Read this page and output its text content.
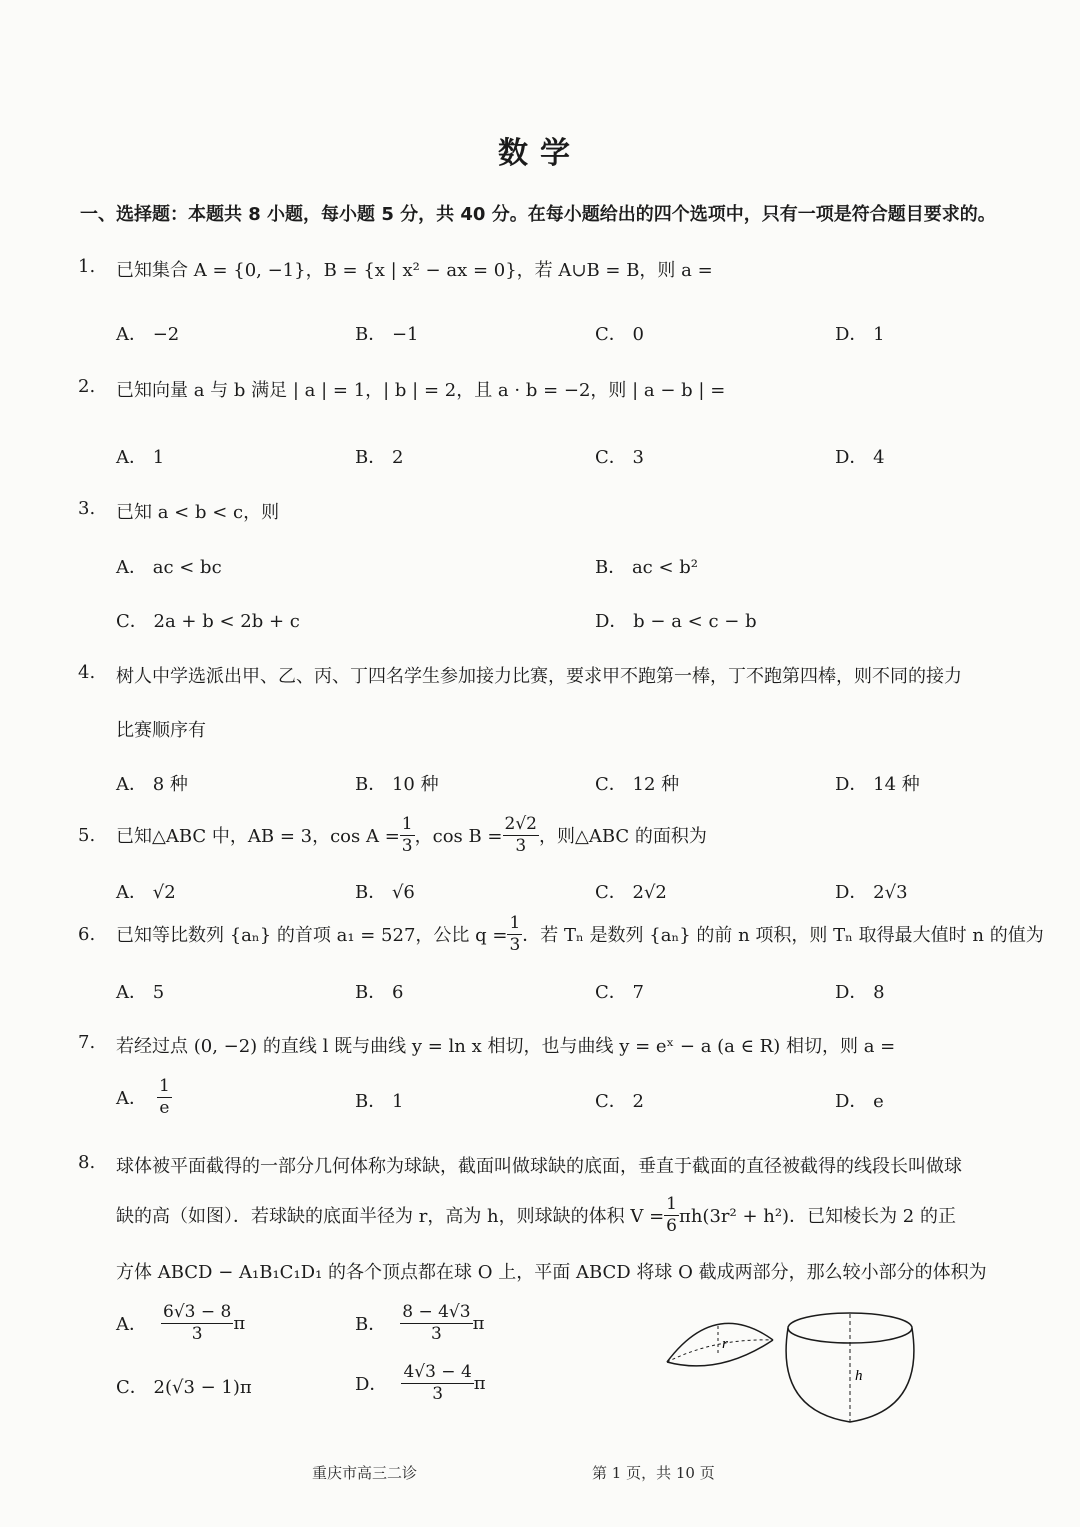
数学
一、选择题：本题共 8 小题，每小题 5 分，共 40 分。在每小题给出的四个选项中，只有一项是符合题目要求的。
1. 已知集合 A = {0, −1}，B = {x | x² − ax = 0}，若 A∪B = B，则 a =
A． −2	B． −1	C． 0	D． 1
2. 已知向量 a 与 b 满足 | a | = 1，| b | = 2，且 a · b = −2，则 | a − b | =
A． 1	B． 2	C． 3	D． 4
3. 已知 a < b < c，则
A． ac < bc	B． ac < b²
C． 2a + b < 2b + c	D． b − a < c − b
4. 树人中学选派出甲、乙、丙、丁四名学生参加接力比赛，要求甲不跑第一棒，丁不跑第四棒，则不同的接力
比赛顺序有
A． 8 种	B． 10 种	C． 12 种	D． 14 种
5. 已知△ABC 中，AB = 3，$\cos A = \frac{1}{3}$ ，$\cos B = \frac{2√2}{3}$ ，则△ABC 的面积为
A． √2	B． √6	C． 2√2	D． 2√3
6. 已知等比数列 {aₙ} 的首项 a₁ = 527，公比 $q = \frac{1}{3}$ ．若 Tₙ 是数列 {aₙ} 的前 n 项积，则 Tₙ 取得最大值时 n 的值为
A． 5	B． 6	C． 7	D． 8
7. 若经过点 (0, −2) 的直线 l 既与曲线 y = ln x 相切，也与曲线 y = eˣ − a (a ∈ R) 相切，则 a =
A． $\frac{1}{e}$	B． 1	C． 2	D． e
8. 球体被平面截得的一部分几何体称为球缺，截面叫做球缺的底面，垂直于截面的直径被截得的线段长叫做球
缺的高（如图）．若球缺的底面半径为 r，高为 h，则球缺的体积 $V = \frac{1}{6} \pi h(3r^2 + h^2)$．已知棱长为 2 的正
方体 ABCD − A₁B₁C₁D₁ 的各个顶点都在球 O 上，平面 ABCD 将球 O 截成两部分，那么较小部分的体积为
A． $\frac{6√3 - 8}{3}$ π	B． $\frac{8 - 4√3}{3}$ π
C． 2(√3 − 1)π	D． $\frac{4√3 - 4}{3}$ π
r
h
重庆市高三二诊	第 1 页，共 10 页
